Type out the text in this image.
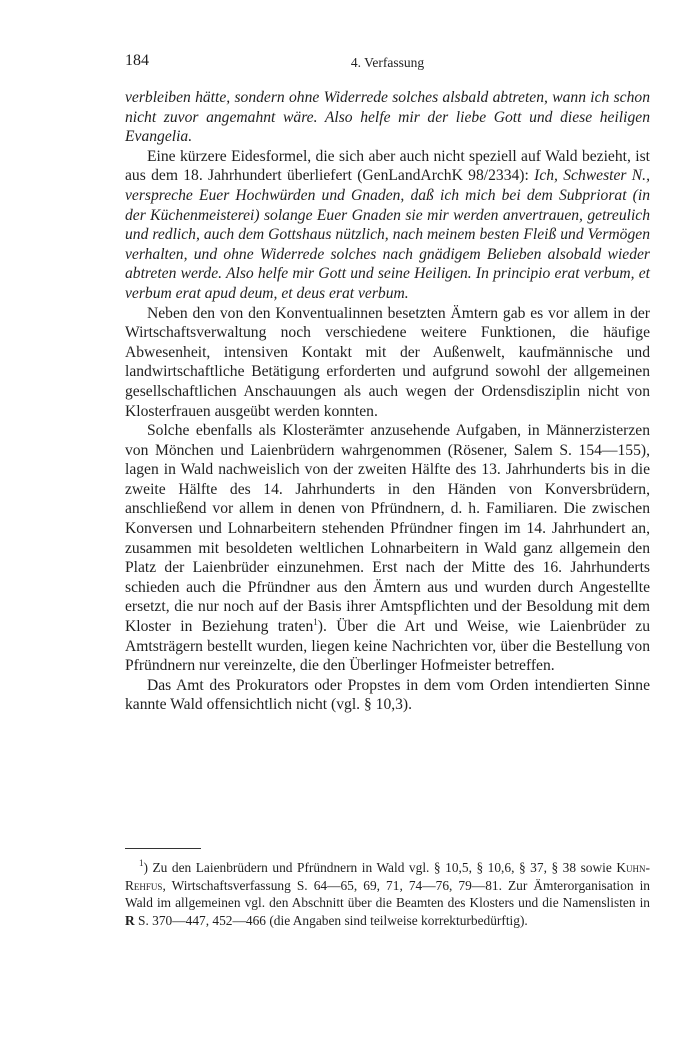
184	4. Verfassung

verbleiben hätte, sondern ohne Widerrede solches alsbald abtreten, wann ich schon nicht zuvor angemahnt wäre. Also helfe mir der liebe Gott und diese heiligen Evangelia.

Eine kürzere Eidesformel, die sich aber auch nicht speziell auf Wald bezieht, ist aus dem 18. Jahrhundert überliefert (GenLandArchK 98/2334): Ich, Schwester N., verspreche Euer Hochwürden und Gnaden, daß ich mich bei dem Subpriorat (in der Küchenmeisterei) solange Euer Gnaden sie mir werden anvertrauen, getreulich und redlich, auch dem Gottshaus nützlich, nach meinem besten Fleiß und Vermögen verhalten, und ohne Widerrede solches nach gnädigem Belieben alsobald wieder abtreten werde. Also helfe mir Gott und seine Heiligen. In principio erat verbum, et verbum erat apud deum, et deus erat verbum.

Neben den von den Konventualinnen besetzten Ämtern gab es vor allem in der Wirtschaftsverwaltung noch verschiedene weitere Funktionen, die häufige Abwesenheit, intensiven Kontakt mit der Außenwelt, kaufmännische und landwirtschaftliche Betätigung erforderten und aufgrund sowohl der allgemeinen gesellschaftlichen Anschauungen als auch wegen der Ordensdisziplin nicht von Klosterfrauen ausgeübt werden konnten.

Solche ebenfalls als Klosterämter anzusehende Aufgaben, in Männerzisterzen von Mönchen und Laienbrüdern wahrgenommen (Rösener, Salem S. 154—155), lagen in Wald nachweislich von der zweiten Hälfte des 13. Jahrhunderts bis in die zweite Hälfte des 14. Jahrhunderts in den Händen von Konversbrüdern, anschließend vor allem in denen von Pfründnern, d. h. Familiaren. Die zwischen Konversen und Lohnarbeitern stehenden Pfründner fingen im 14. Jahrhundert an, zusammen mit besoldeten weltlichen Lohnarbeitern in Wald ganz allgemein den Platz der Laienbrüder einzunehmen. Erst nach der Mitte des 16. Jahrhunderts schieden auch die Pfründner aus den Ämtern aus und wurden durch Angestellte ersetzt, die nur noch auf der Basis ihrer Amtspflichten und der Besoldung mit dem Kloster in Beziehung traten$^1$). Über die Art und Weise, wie Laienbrüder zu Amtsträgern bestellt wurden, liegen keine Nachrichten vor, über die Bestellung von Pfründnern nur vereinzelte, die den Überlinger Hofmeister betreffen.

Das Amt des Prokurators oder Propstes in dem vom Orden intendierten Sinne kannte Wald offensichtlich nicht (vgl. § 10,3).

$^1$) Zu den Laienbrüdern und Pfründnern in Wald vgl. § 10,5, § 10,6, § 37, § 38 sowie Kuhn-Rehfus, Wirtschaftsverfassung S. 64—65, 69, 71, 74—76, 79—81. Zur Ämterorganisation in Wald im allgemeinen vgl. den Abschnitt über die Beamten des Klosters und die Namenslisten in R S. 370—447, 452—466 (die Angaben sind teilweise korrekturbedürftig).
